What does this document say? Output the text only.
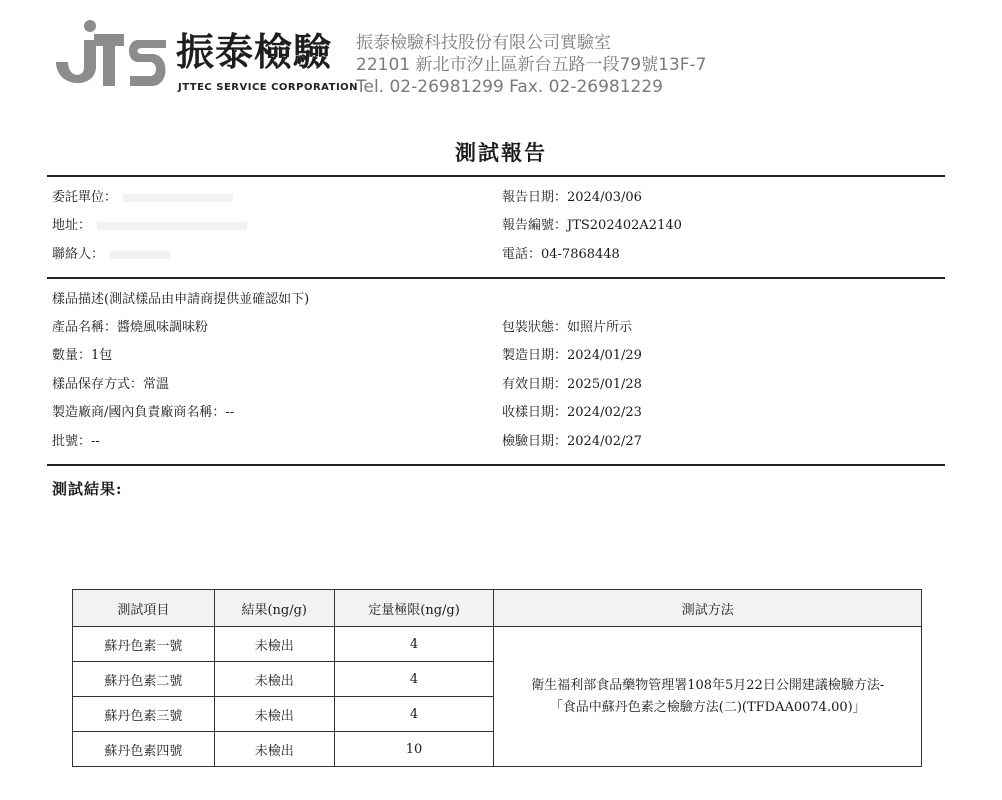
振泰檢驗
JTTEC SERVICE CORPORATION
振泰檢驗科技股份有限公司實驗室
22101 新北市汐止區新台五路一段79號13F-7
Tel. 02-26981299 Fax. 02-26981229
測試報告
委託單位：
地址：
聯絡人：
報告日期：2024/03/06
報告編號：JTS202402A2140
電話：04-7868448
樣品描述(測試樣品由申請商提供並確認如下)
產品名稱：醬燒風味調味粉
數量：1包
樣品保存方式：常溫
製造廠商/國內負責廠商名稱：--
批號：--
包裝狀態：如照片所示
製造日期：2024/01/29
有效日期：2025/01/28
收樣日期：2024/02/23
檢驗日期：2024/02/27
測試結果:
測試項目	結果(ng/g)	定量極限(ng/g)	測試方法
蘇丹色素一號	未檢出	4	衛生福利部食品藥物管理署108年5月22日公開建議檢驗方法-
「食品中蘇丹色素之檢驗方法(二)(TFDAA0074.00)」

蘇丹色素二號	未檢出	4	
蘇丹色素三號	未檢出	4	
蘇丹色素四號	未檢出	10	
